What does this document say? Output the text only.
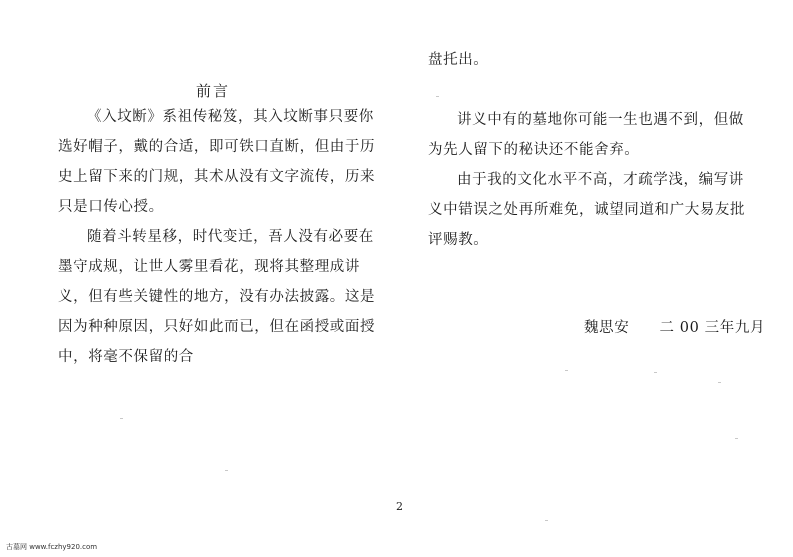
前言

《入坟断》系祖传秘笈，其入坟断事只要你选好帽子，戴的合适，即可铁口直断，但由于历史上留下来的门规，其术从没有文字流传，历来只是口传心授。

随着斗转星移，时代变迁，吾人没有必要在墨守成规，让世人雾里看花，现将其整理成讲义，但有些关键性的地方，没有办法披露。这是因为种种原因，只好如此而已，但在函授或面授中，将毫不保留的合

盘托出。

讲义中有的墓地你可能一生也遇不到，但做为先人留下的秘诀还不能舍弃。

由于我的文化水平不高，才疏学浅，编写讲义中错误之处再所难免，诚望同道和广大易友批评赐教。

魏思安　　二 00 三年九月
2
古墓网 www.fczhy920.com
